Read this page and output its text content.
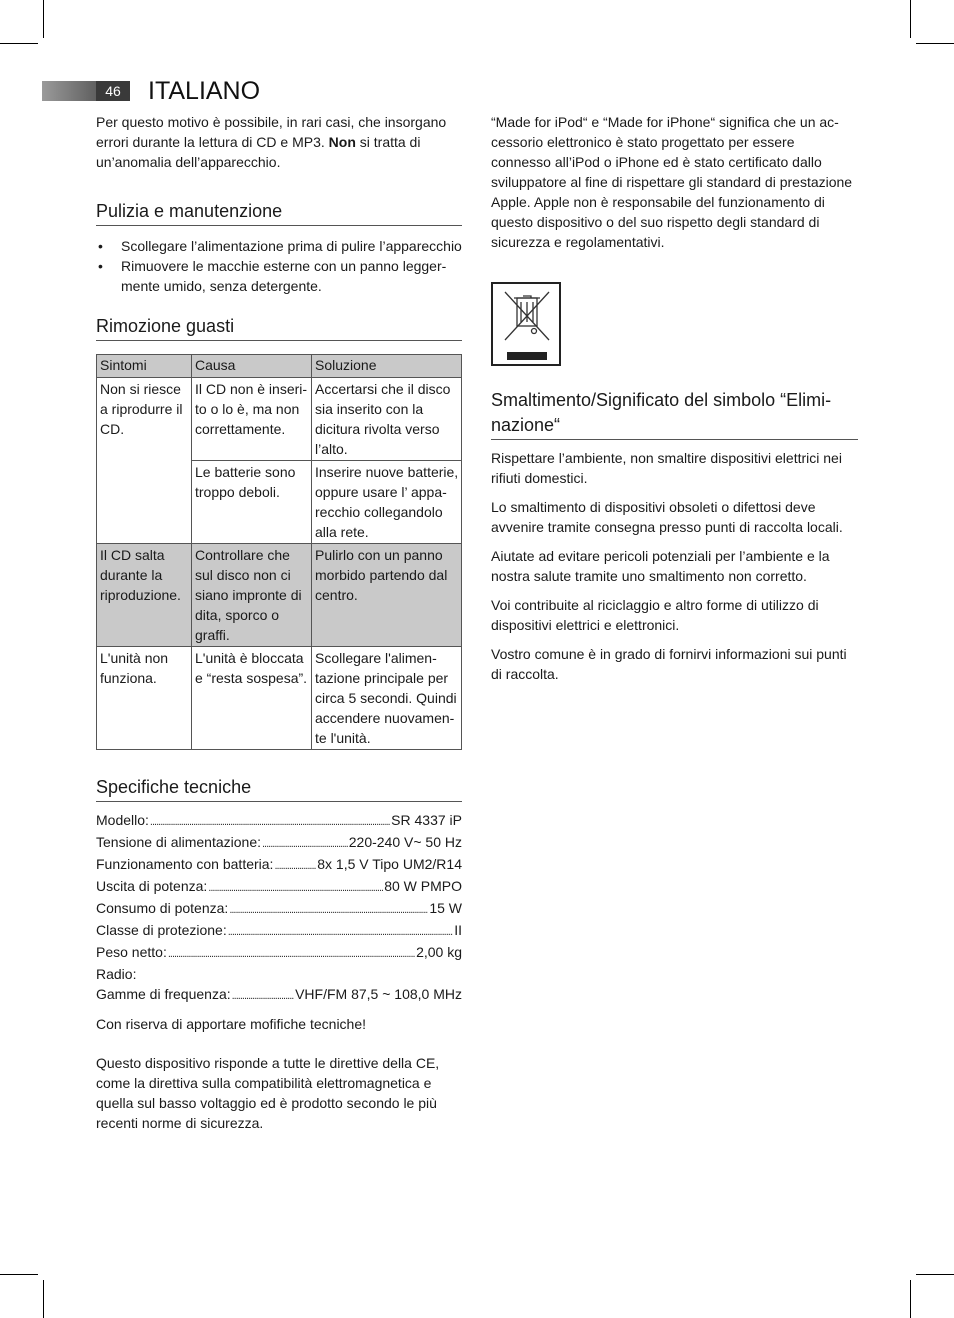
46	ITALIANO

Per questo motivo è possibile, in rari casi, che insorgano errori durante la lettura di CD e MP3. Non si tratta di un’anomalia dell’apparecchio.

Pulizia e manutenzione
• Scollegare l’alimentazione prima di pulire l’apparecchio
• Rimuovere le macchie esterne con un panno legger-mente umido, senza detergente.
Rimozione guasti
Sintomi	Causa	Soluzione
Non si riesce a riprodurre il CD.	Il CD non è inseri-to o lo è, ma non correttamente.	Accertarsi che il disco sia inserito con la dicitura rivolta verso l’alto.
	Le batterie sono troppo deboli.	Inserire nuove batterie, oppure usare l’ appa-recchio collegandolo alla rete.
Il CD salta durante la riproduzione.	Controllare che sul disco non ci siano impronte di dita, sporco o graffi.	Pulirlo con un panno morbido partendo dal centro.
L'unità non funziona.	L'unità è bloccata e “resta sospesa”.	Scollegare l'alimen-tazione principale per circa 5 secondi. Quindi accendere nuovamen-te l'unità.
Specifiche tecniche
Modello: .....	SR 4337 iP
Tensione di alimentazione: .....	220-240 V~ 50 Hz
Funzionamento con batteria: .....	8x 1,5 V Tipo UM2/R14
Uscita di potenza: .....	80 W PMPO
Consumo di potenza: .....	15 W
Classe di protezione: .....	II
Peso netto: .....	2,00 kg
Radio:
Gamme di frequenza: .....	VHF/FM 87,5 ~ 108,0 MHz

Con riserva di apportare mofifiche tecniche!

Questo dispositivo risponde a tutte le direttive della CE, come la direttiva sulla compatibilità elettromagnetica e quella sul basso voltaggio ed è prodotto secondo le più recenti norme di sicurezza.

“Made for iPod“ e “Made for iPhone“ significa che un ac-cessorio elettronico è stato progettato per essere connesso all’iPod o iPhone ed è stato certificato dallo sviluppatore al fine di rispettare gli standard di prestazione Apple. Apple non è responsabile del funzionamento di questo dispositivo o del suo rispetto degli standard di sicurezza e regolamentativi.

Smaltimento/Significato del simbolo “Elimi-nazione“

Rispettare l’ambiente, non smaltire dispositivi elettrici nei rifiuti domestici.

Lo smaltimento di dispositivi obsoleti o difettosi deve avvenire tramite consegna presso punti di raccolta locali.

Aiutate ad evitare pericoli potenziali per l’ambiente e la nostra salute tramite uno smaltimento non corretto.

Voi contribuite al riciclaggio e altro forme di utilizzo di dispositivi elettrici e elettronici.

Vostro comune è in grado di fornirvi informazioni sui punti di raccolta.
